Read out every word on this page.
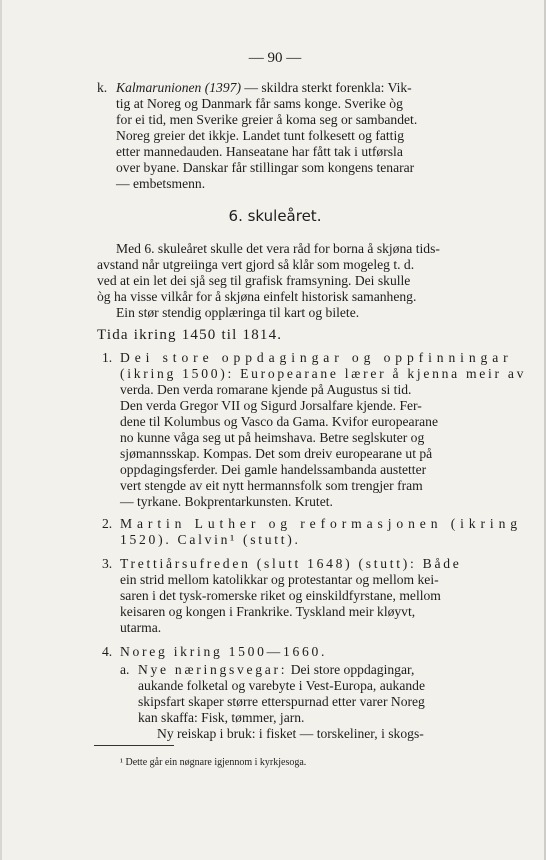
— 90 —
k. Kalmarunionen (1397) — skildra sterkt forenkla: Vik-
tig at Noreg og Danmark får sams konge. Sverike òg
for ei tid, men Sverike greier å koma seg or sambandet.
Noreg greier det ikkje. Landet tunt folkesett og fattig
etter mannedauden. Hanseatane har fått tak i utførsla
over byane. Danskar får stillingar som kongens tenarar
— embetsmenn.
6. skuleåret.
Med 6. skuleåret skulle det vera råd for borna å skjøna tids-
avstand når utgreiinga vert gjord så klår som mogeleg t. d.
ved at ein let dei sjå seg til grafisk framsyning. Dei skulle
òg ha visse vilkår for å skjøna einfelt historisk samanheng.
Ein stør stendig opplæringa til kart og bilete.
Tida ikring 1450 til 1814.
1. Dei store oppdagingar og oppfinningar
(ikring 1500): Europearane lærer å kjenna meir av
verda. Den verda romarane kjende på Augustus si tid.
Den verda Gregor VII og Sigurd Jorsalfare kjende. Fer-
dene til Kolumbus og Vasco da Gama. Kvifor europearane
no kunne våga seg ut på heimshava. Betre seglskuter og
sjømannsskap. Kompas. Det som dreiv europearane ut på
oppdagingsferder. Dei gamle handelssambanda austetter
vert stengde av eit nytt hermannsfolk som trengjer fram
— tyrkane. Bokprentarkunsten. Krutet.
2. Martin Luther og reformasjonen (ikring
1520). Calvin¹ (stutt).
3. Trettiårsufreden (slutt 1648) (stutt): Både
ein strid mellom katolikkar og protestantar og mellom kei-
saren i det tysk-romerske riket og einskildfyrstane, mellom
keisaren og kongen i Frankrike. Tyskland meir kløyvt,
utarma.
4. Noreg ikring 1500—1660.
a. Nye næringsvegar: Dei store oppdagingar,
aukande folketal og varebyte i Vest-Europa, aukande
skipsfart skaper større etterspurnad etter varer Noreg
kan skaffa: Fisk, tømmer, jarn.
Ny reiskap i bruk: i fisket — torskeliner, i skogs-
¹ Dette går ein nøgnare igjennom i kyrkjesoga.
